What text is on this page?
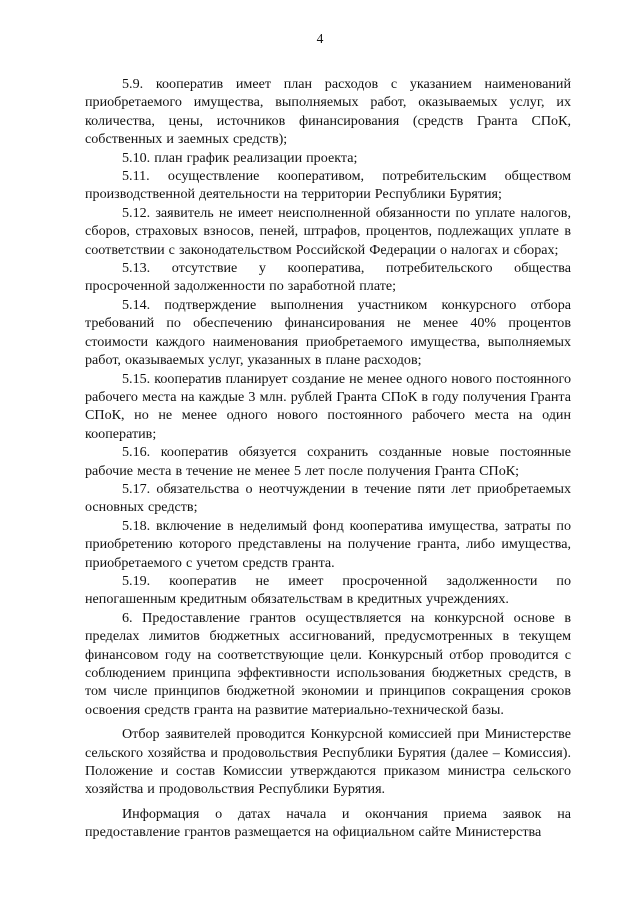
4

5.9. кооператив имеет план расходов с указанием наименований приобретаемого имущества, выполняемых работ, оказываемых услуг, их количества, цены, источников финансирования (средств Гранта СПоК, собственных и заемных средств);

5.10. план график реализации проекта;

5.11. осуществление кооперативом, потребительским обществом производственной деятельности на территории Республики Бурятия;

5.12. заявитель не имеет неисполненной обязанности по уплате налогов, сборов, страховых взносов, пеней, штрафов, процентов, подлежащих уплате в соответствии с законодательством Российской Федерации о налогах и сборах;

5.13. отсутствие у кооператива, потребительского общества просроченной задолженности по заработной плате;

5.14. подтверждение выполнения участником конкурсного отбора требований по обеспечению финансирования не менее 40% процентов стоимости каждого наименования приобретаемого имущества, выполняемых работ, оказываемых услуг, указанных в плане расходов;

5.15. кооператив планирует создание не менее одного нового постоянного рабочего места на каждые 3 млн. рублей Гранта СПоК в году получения Гранта СПоК, но не менее одного нового постоянного рабочего места на один кооператив;

5.16. кооператив обязуется сохранить созданные новые постоянные рабочие места в течение не менее 5 лет после получения Гранта СПоК;

5.17. обязательства о неотчуждении в течение пяти лет приобретаемых основных средств;

5.18. включение в неделимый фонд кооператива имущества, затраты по приобретению которого представлены на получение гранта, либо имущества, приобретаемого с учетом средств гранта.

5.19. кооператив не имеет просроченной задолженности по непогашенным кредитным обязательствам в кредитных учреждениях.

6. Предоставление грантов осуществляется на конкурсной основе в пределах лимитов бюджетных ассигнований, предусмотренных в текущем финансовом году на соответствующие цели. Конкурсный отбор проводится с соблюдением принципа эффективности использования бюджетных средств, в том числе принципов бюджетной экономии и принципов сокращения сроков освоения средств гранта на развитие материально-технической базы.

Отбор заявителей проводится Конкурсной комиссией при Министерстве сельского хозяйства и продовольствия Республики Бурятия (далее – Комиссия). Положение и состав Комиссии утверждаются приказом министра сельского хозяйства и продовольствия Республики Бурятия.

Информация о датах начала и окончания приема заявок на предоставление грантов размещается на официальном сайте Министерства
